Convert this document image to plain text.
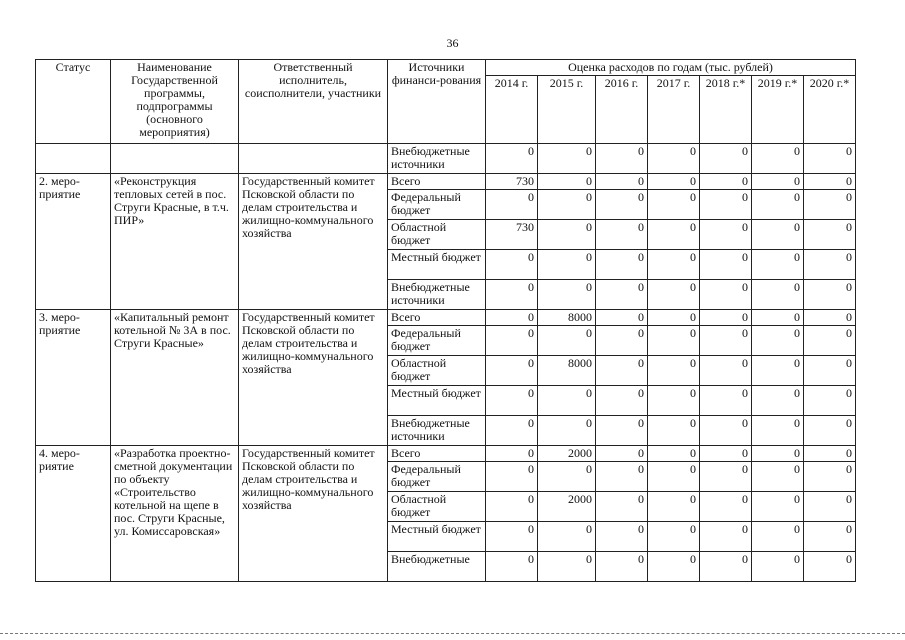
36
Статус	Наименование Государственной программы, подпрограммы (основного мероприятия)	Ответственный исполнитель, соисполнители, участники	Источники финанси-рования	Оценка расходов по годам (тыс. рублей)						
				2014 г.	2015 г.	2016 г.	2017 г.	2018 г.*	2019 г.*	2020 г.*
			Внебюджетные источники	0	0	0	0	0	0	0
2. меро-приятие	«Реконструкция тепловых сетей в пос. Струги Красные, в т.ч. ПИР»	Государственный комитет Псковской области по делам строительства и жилищно-коммунального хозяйства	Всего	730	0	0	0	0	0	0
			Федеральный бюджет	0	0	0	0	0	0	0
			Областной бюджет	730	0	0	0	0	0	0
			Местный бюджет	0	0	0	0	0	0	0
			Внебюджетные источники	0	0	0	0	0	0	0
3. меро-приятие	«Капитальный ремонт котельной № 3А в пос. Струги Красные»	Государственный комитет Псковской области по делам строительства и жилищно-коммунального хозяйства	Всего	0	8000	0	0	0	0	0
			Федеральный бюджет	0	0	0	0	0	0	0
			Областной бюджет	0	8000	0	0	0	0	0
			Местный бюджет	0	0	0	0	0	0	0
			Внебюджетные источники	0	0	0	0	0	0	0
4. меро-риятие	«Разработка проектно-сметной документации по объекту «Строительство котельной на щепе в пос. Струги Красные, ул. Комиссаровская»	Государственный комитет Псковской области по делам строительства и жилищно-коммунального хозяйства	Всего	0	2000	0	0	0	0	0
			Федеральный бюджет	0	0	0	0	0	0	0
			Областной бюджет	0	2000	0	0	0	0	0
			Местный бюджет	0	0	0	0	0	0	0
			Внебюджетные	0	0	0	0	0	0	0
